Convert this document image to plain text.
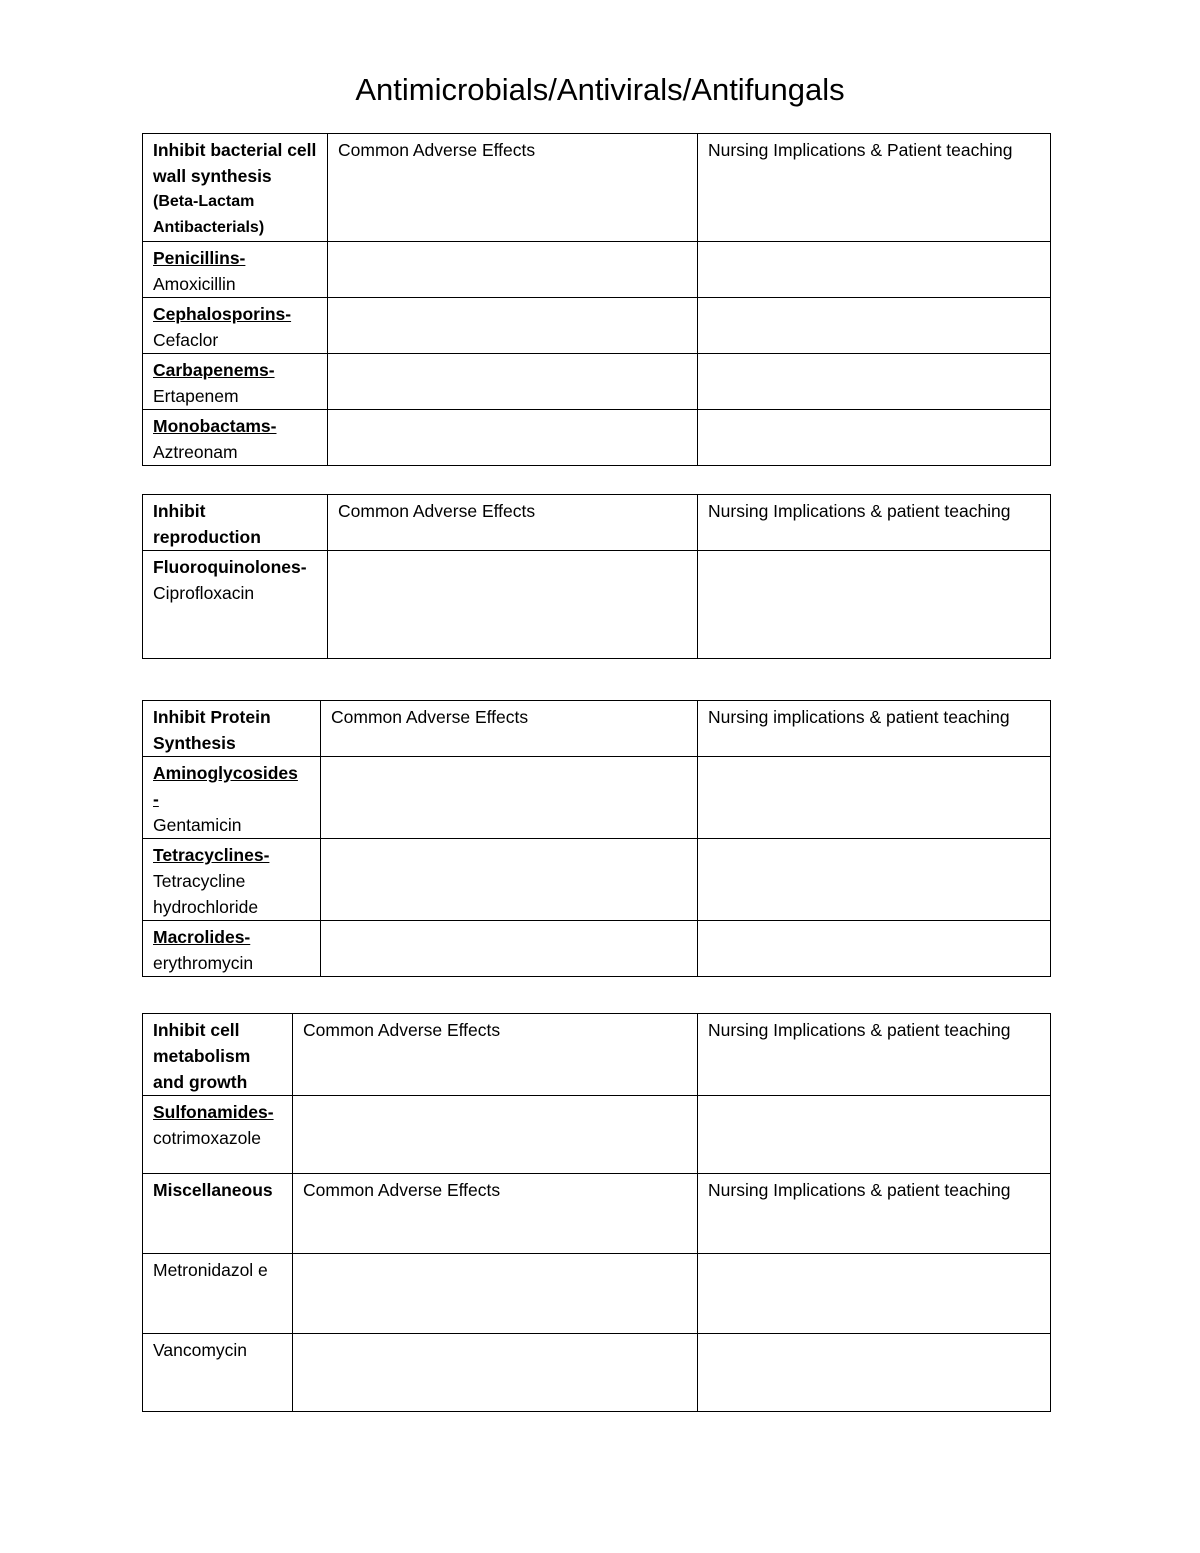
Antimicrobials/Antivirals/Antifungals
Inhibit bacterial cell wall synthesis
(Beta-Lactam Antibacterials)	Common Adverse Effects	Nursing Implications & Patient teaching

Penicillins-
Amoxicillin		

Cephalosporins-
Cefaclor		

Carbapenems-
Ertapenem		

Monobactams-
Aztreonam		

Inhibit reproduction	Common Adverse Effects	Nursing Implications & patient teaching

Fluoroquinolones-
Ciprofloxacin		

Inhibit Protein Synthesis	Common Adverse Effects	Nursing implications & patient teaching

Aminoglycosides -
Gentamicin		

Tetracyclines-
Tetracycline hydrochloride		

Macrolides-
erythromycin		

Inhibit cell metabolism and growth	Common Adverse Effects	Nursing Implications & patient teaching

Sulfonamides-
cotrimoxazole		

Miscellaneous	Common Adverse Effects	Nursing Implications & patient teaching

Metronidazol e		

Vancomycin		
